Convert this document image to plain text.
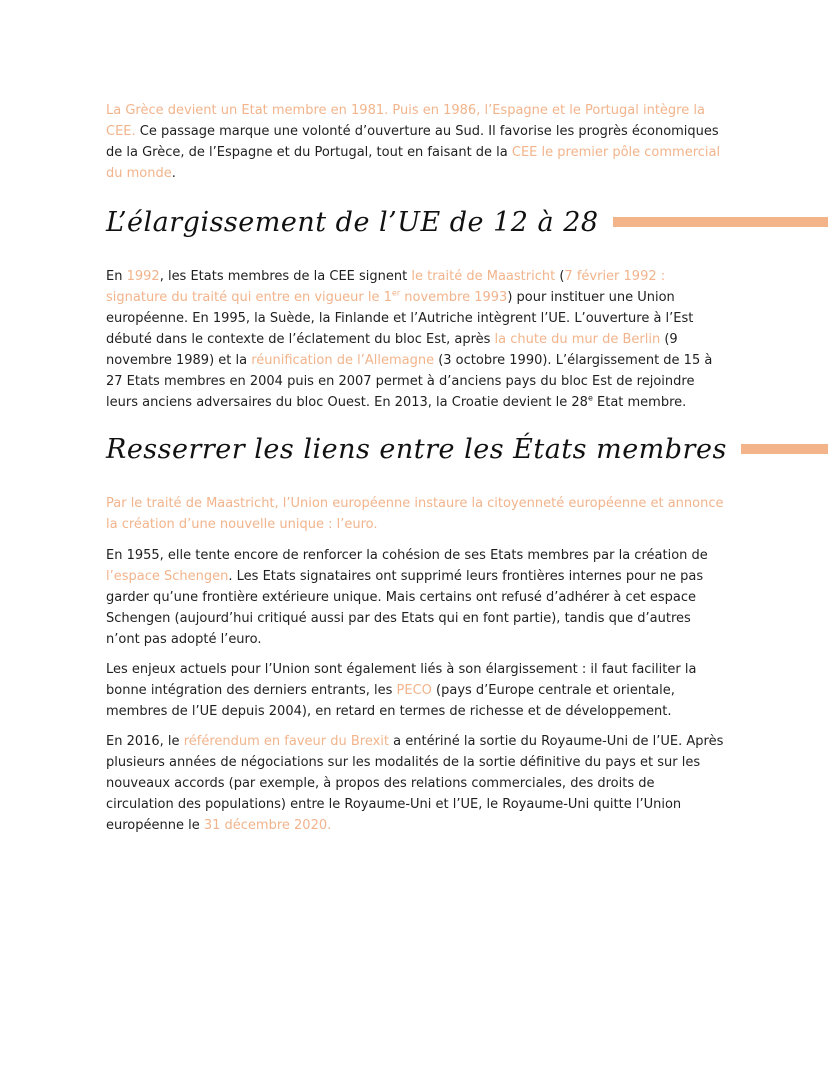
La Grèce devient un Etat membre en 1981. Puis en 1986, l’Espagne et le Portugal intègre la CEE. Ce passage marque une volonté d’ouverture au Sud. Il favorise les progrès économiques de la Grèce, de l’Espagne et du Portugal, tout en faisant de la CEE le premier pôle commercial du monde.

L’élargissement de l’UE de 12 à 28

En 1992, les Etats membres de la CEE signent le traité de Maastricht (7 février 1992 : signature du traité qui entre en vigueur le 1er novembre 1993) pour instituer une Union européenne. En 1995, la Suède, la Finlande et l’Autriche intègrent l’UE. L’ouverture à l’Est débuté dans le contexte de l’éclatement du bloc Est, après la chute du mur de Berlin (9 novembre 1989) et la réunification de l’Allemagne (3 octobre 1990). L’élargissement de 15 à 27 Etats membres en 2004 puis en 2007 permet à d’anciens pays du bloc Est de rejoindre leurs anciens adversaires du bloc Ouest. En 2013, la Croatie devient le 28e Etat membre.

Resserrer les liens entre les États membres

Par le traité de Maastricht, l’Union européenne instaure la citoyenneté européenne et annonce la création d’une nouvelle unique : l’euro.

En 1955, elle tente encore de renforcer la cohésion de ses Etats membres par la création de l’espace Schengen. Les Etats signataires ont supprimé leurs frontières internes pour ne pas garder qu’une frontière extérieure unique. Mais certains ont refusé d’adhérer à cet espace Schengen (aujourd’hui critiqué aussi par des Etats qui en font partie), tandis que d’autres n’ont pas adopté l’euro.

Les enjeux actuels pour l’Union sont également liés à son élargissement : il faut faciliter la bonne intégration des derniers entrants, les PECO (pays d’Europe centrale et orientale, membres de l’UE depuis 2004), en retard en termes de richesse et de développement.

En 2016, le référendum en faveur du Brexit a entériné la sortie du Royaume-Uni de l’UE. Après plusieurs années de négociations sur les modalités de la sortie définitive du pays et sur les nouveaux accords (par exemple, à propos des relations commerciales, des droits de circulation des populations) entre le Royaume-Uni et l’UE, le Royaume-Uni quitte l’Union européenne le 31 décembre 2020.
